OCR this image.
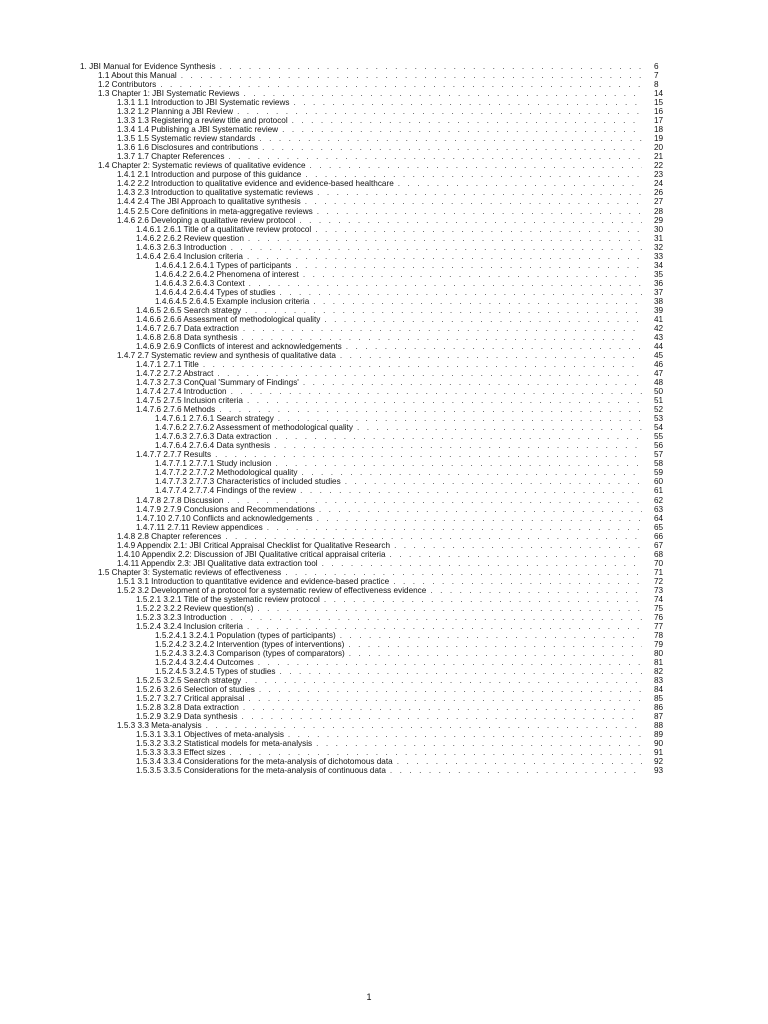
1. JBI Manual for Evidence Synthesis . . .	6
1.1 About this Manual . . .	7
1.2 Contributors . . .	8
1.3 Chapter 1: JBI Systematic Reviews . . .	14
1.3.1 1.1 Introduction to JBI Systematic reviews . . .	15
1.3.2 1.2 Planning a JBI Review . . .	16
1.3.3 1.3 Registering a review title and protocol . . .	17
1.3.4 1.4 Publishing a JBI Systematic review . . .	18
1.3.5 1.5 Systematic review standards . . .	19
1.3.6 1.6 Disclosures and contributions . . .	20
1.3.7 1.7 Chapter References . . .	21
1.4 Chapter 2: Systematic reviews of qualitative evidence . . .	22
1.4.1 2.1 Introduction and purpose of this guidance . . .	23
1.4.2 2.2 Introduction to qualitative evidence and evidence-based healthcare . . .	24
1.4.3 2.3 Introduction to qualitative systematic reviews . . .	26
1.4.4 2.4 The JBI Approach to qualitative synthesis . . .	27
1.4.5 2.5 Core definitions in meta-aggregative reviews . . .	28
1.4.6 2.6 Developing a qualitative review protocol . . .	29
1.4.6.1 2.6.1 Title of a qualitative review protocol . . .	30
1.4.6.2 2.6.2 Review question . . .	31
1.4.6.3 2.6.3 Introduction . . .	32
1.4.6.4 2.6.4 Inclusion criteria . . .	33
1.4.6.4.1 2.6.4.1 Types of participants . . .	34
1.4.6.4.2 2.6.4.2 Phenomena of interest . . .	35
1.4.6.4.3 2.6.4.3 Context . . .	36
1.4.6.4.4 2.6.4.4 Types of studies . . .	37
1.4.6.4.5 2.6.4.5 Example inclusion criteria . . .	38
1.4.6.5 2.6.5 Search strategy . . .	39
1.4.6.6 2.6.6 Assessment of methodological quality . . .	41
1.4.6.7 2.6.7 Data extraction . . .	42
1.4.6.8 2.6.8 Data synthesis . . .	43
1.4.6.9 2.6.9 Conflicts of interest and acknowledgements . . .	44
1.4.7 2.7 Systematic review and synthesis of qualitative data . . .	45
1.4.7.1 2.7.1 Title . . .	46
1.4.7.2 2.7.2 Abstract . . .	47
1.4.7.3 2.7.3 ConQual 'Summary of Findings' . . .	48
1.4.7.4 2.7.4 Introduction . . .	50
1.4.7.5 2.7.5 Inclusion criteria . . .	51
1.4.7.6 2.7.6 Methods . . .	52
1.4.7.6.1 2.7.6.1 Search strategy . . .	53
1.4.7.6.2 2.7.6.2 Assessment of methodological quality . . .	54
1.4.7.6.3 2.7.6.3 Data extraction . . .	55
1.4.7.6.4 2.7.6.4 Data synthesis . . .	56
1.4.7.7 2.7.7 Results . . .	57
1.4.7.7.1 2.7.7.1 Study inclusion . . .	58
1.4.7.7.2 2.7.7.2 Methodological quality . . .	59
1.4.7.7.3 2.7.7.3 Characteristics of included studies . . .	60
1.4.7.7.4 2.7.7.4 Findings of the review . . .	61
1.4.7.8 2.7.8 Discussion . . .	62
1.4.7.9 2.7.9 Conclusions and Recommendations . . .	63
1.4.7.10 2.7.10 Conflicts and acknowledgements . . .	64
1.4.7.11 2.7.11 Review appendices . . .	65
1.4.8 2.8 Chapter references . . .	66
1.4.9 Appendix 2.1: JBI Critical Appraisal Checklist for Qualitative Research . . .	67
1.4.10 Appendix 2.2: Discussion of JBI Qualitative critical appraisal criteria . . .	68
1.4.11 Appendix 2.3: JBI Qualitative data extraction tool . . .	70
1.5 Chapter 3: Systematic reviews of effectiveness . . .	71
1.5.1 3.1 Introduction to quantitative evidence and evidence-based practice . . .	72
1.5.2 3.2 Development of a protocol for a systematic review of effectiveness evidence . . .	73
1.5.2.1 3.2.1 Title of the systematic review protocol . . .	74
1.5.2.2 3.2.2 Review question(s) . . .	75
1.5.2.3 3.2.3 Introduction . . .	76
1.5.2.4 3.2.4 Inclusion criteria . . .	77
1.5.2.4.1 3.2.4.1 Population (types of participants) . . .	78
1.5.2.4.2 3.2.4.2 Intervention (types of interventions) . . .	79
1.5.2.4.3 3.2.4.3 Comparison (types of comparators) . . .	80
1.5.2.4.4 3.2.4.4 Outcomes . . .	81
1.5.2.4.5 3.2.4.5 Types of studies . . .	82
1.5.2.5 3.2.5 Search strategy . . .	83
1.5.2.6 3.2.6 Selection of studies . . .	84
1.5.2.7 3.2.7 Critical appraisal . . .	85
1.5.2.8 3.2.8 Data extraction . . .	86
1.5.2.9 3.2.9 Data synthesis . . .	87
1.5.3 3.3 Meta-analysis . . .	88
1.5.3.1 3.3.1 Objectives of meta-analysis . . .	89
1.5.3.2 3.3.2 Statistical models for meta-analysis . . .	90
1.5.3.3 3.3.3 Effect sizes . . .	91
1.5.3.4 3.3.4 Considerations for the meta-analysis of dichotomous data . . .	92
1.5.3.5 3.3.5 Considerations for the meta-analysis of continuous data . . .	93
1
